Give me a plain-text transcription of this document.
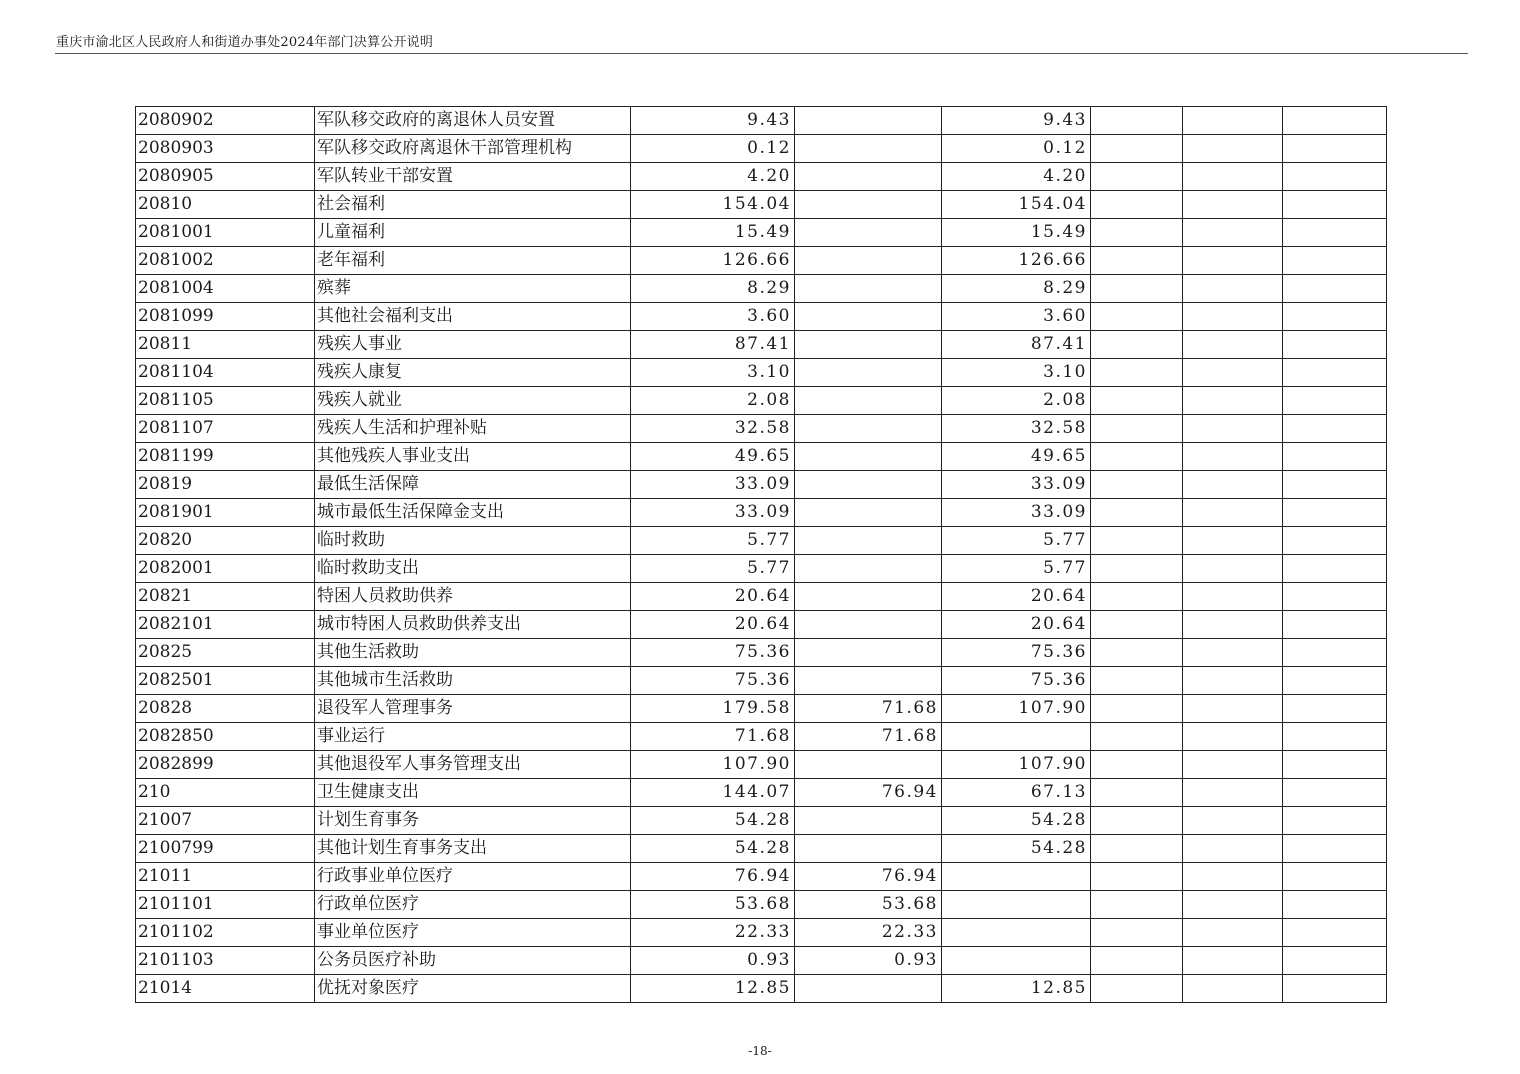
重庆市渝北区人民政府人和街道办事处2024年部门决算公开说明
2080902	军队移交政府的离退休人员安置	9.43		9.43			
2080903	军队移交政府离退休干部管理机构	0.12		0.12			
2080905	军队转业干部安置	4.20		4.20			
20810	社会福利	154.04		154.04			
2081001	儿童福利	15.49		15.49			
2081002	老年福利	126.66		126.66			
2081004	殡葬	8.29		8.29			
2081099	其他社会福利支出	3.60		3.60			
20811	残疾人事业	87.41		87.41			
2081104	残疾人康复	3.10		3.10			
2081105	残疾人就业	2.08		2.08			
2081107	残疾人生活和护理补贴	32.58		32.58			
2081199	其他残疾人事业支出	49.65		49.65			
20819	最低生活保障	33.09		33.09			
2081901	城市最低生活保障金支出	33.09		33.09			
20820	临时救助	5.77		5.77			
2082001	临时救助支出	5.77		5.77			
20821	特困人员救助供养	20.64		20.64			
2082101	城市特困人员救助供养支出	20.64		20.64			
20825	其他生活救助	75.36		75.36			
2082501	其他城市生活救助	75.36		75.36			
20828	退役军人管理事务	179.58	71.68	107.90			
2082850	事业运行	71.68	71.68				
2082899	其他退役军人事务管理支出	107.90		107.90			
210	卫生健康支出	144.07	76.94	67.13			
21007	计划生育事务	54.28		54.28			
2100799	其他计划生育事务支出	54.28		54.28			
21011	行政事业单位医疗	76.94	76.94				
2101101	行政单位医疗	53.68	53.68				
2101102	事业单位医疗	22.33	22.33				
2101103	公务员医疗补助	0.93	0.93				
21014	优抚对象医疗	12.85		12.85			
-18-
